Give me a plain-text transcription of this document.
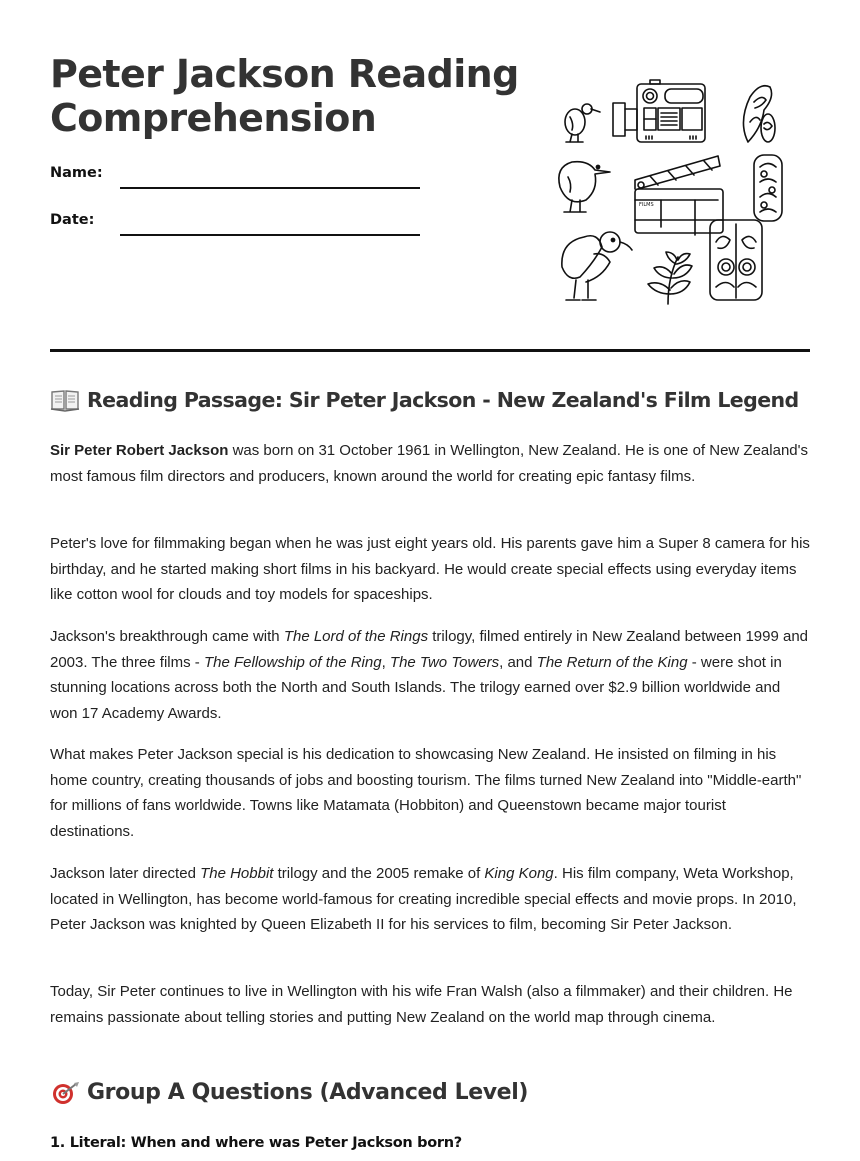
Peter Jackson Reading Comprehension
Name:
Date:
FILMS
Reading Passage: Sir Peter Jackson - New Zealand's Film Legend

Sir Peter Robert Jackson was born on 31 October 1961 in Wellington, New Zealand. He is one of New Zealand's most famous film directors and producers, known around the world for creating epic fantasy films.

Peter's love for filmmaking began when he was just eight years old. His parents gave him a Super 8 camera for his birthday, and he started making short films in his backyard. He would create special effects using everyday items like cotton wool for clouds and toy models for spaceships.

Jackson's breakthrough came with The Lord of the Rings trilogy, filmed entirely in New Zealand between 1999 and 2003. The three films - The Fellowship of the Ring, The Two Towers, and The Return of the King - were shot in stunning locations across both the North and South Islands. The trilogy earned over $2.9 billion worldwide and won 17 Academy Awards.

What makes Peter Jackson special is his dedication to showcasing New Zealand. He insisted on filming in his home country, creating thousands of jobs and boosting tourism. The films turned New Zealand into "Middle-earth" for millions of fans worldwide. Towns like Matamata (Hobbiton) and Queenstown became major tourist destinations.

Jackson later directed The Hobbit trilogy and the 2005 remake of King Kong. His film company, Weta Workshop, located in Wellington, has become world-famous for creating incredible special effects and movie props. In 2010, Peter Jackson was knighted by Queen Elizabeth II for his services to film, becoming Sir Peter Jackson.

Today, Sir Peter continues to live in Wellington with his wife Fran Walsh (also a filmmaker) and their children. He remains passionate about telling stories and putting New Zealand on the world map through cinema.

Group A Questions (Advanced Level)

1. Literal: When and where was Peter Jackson born?
